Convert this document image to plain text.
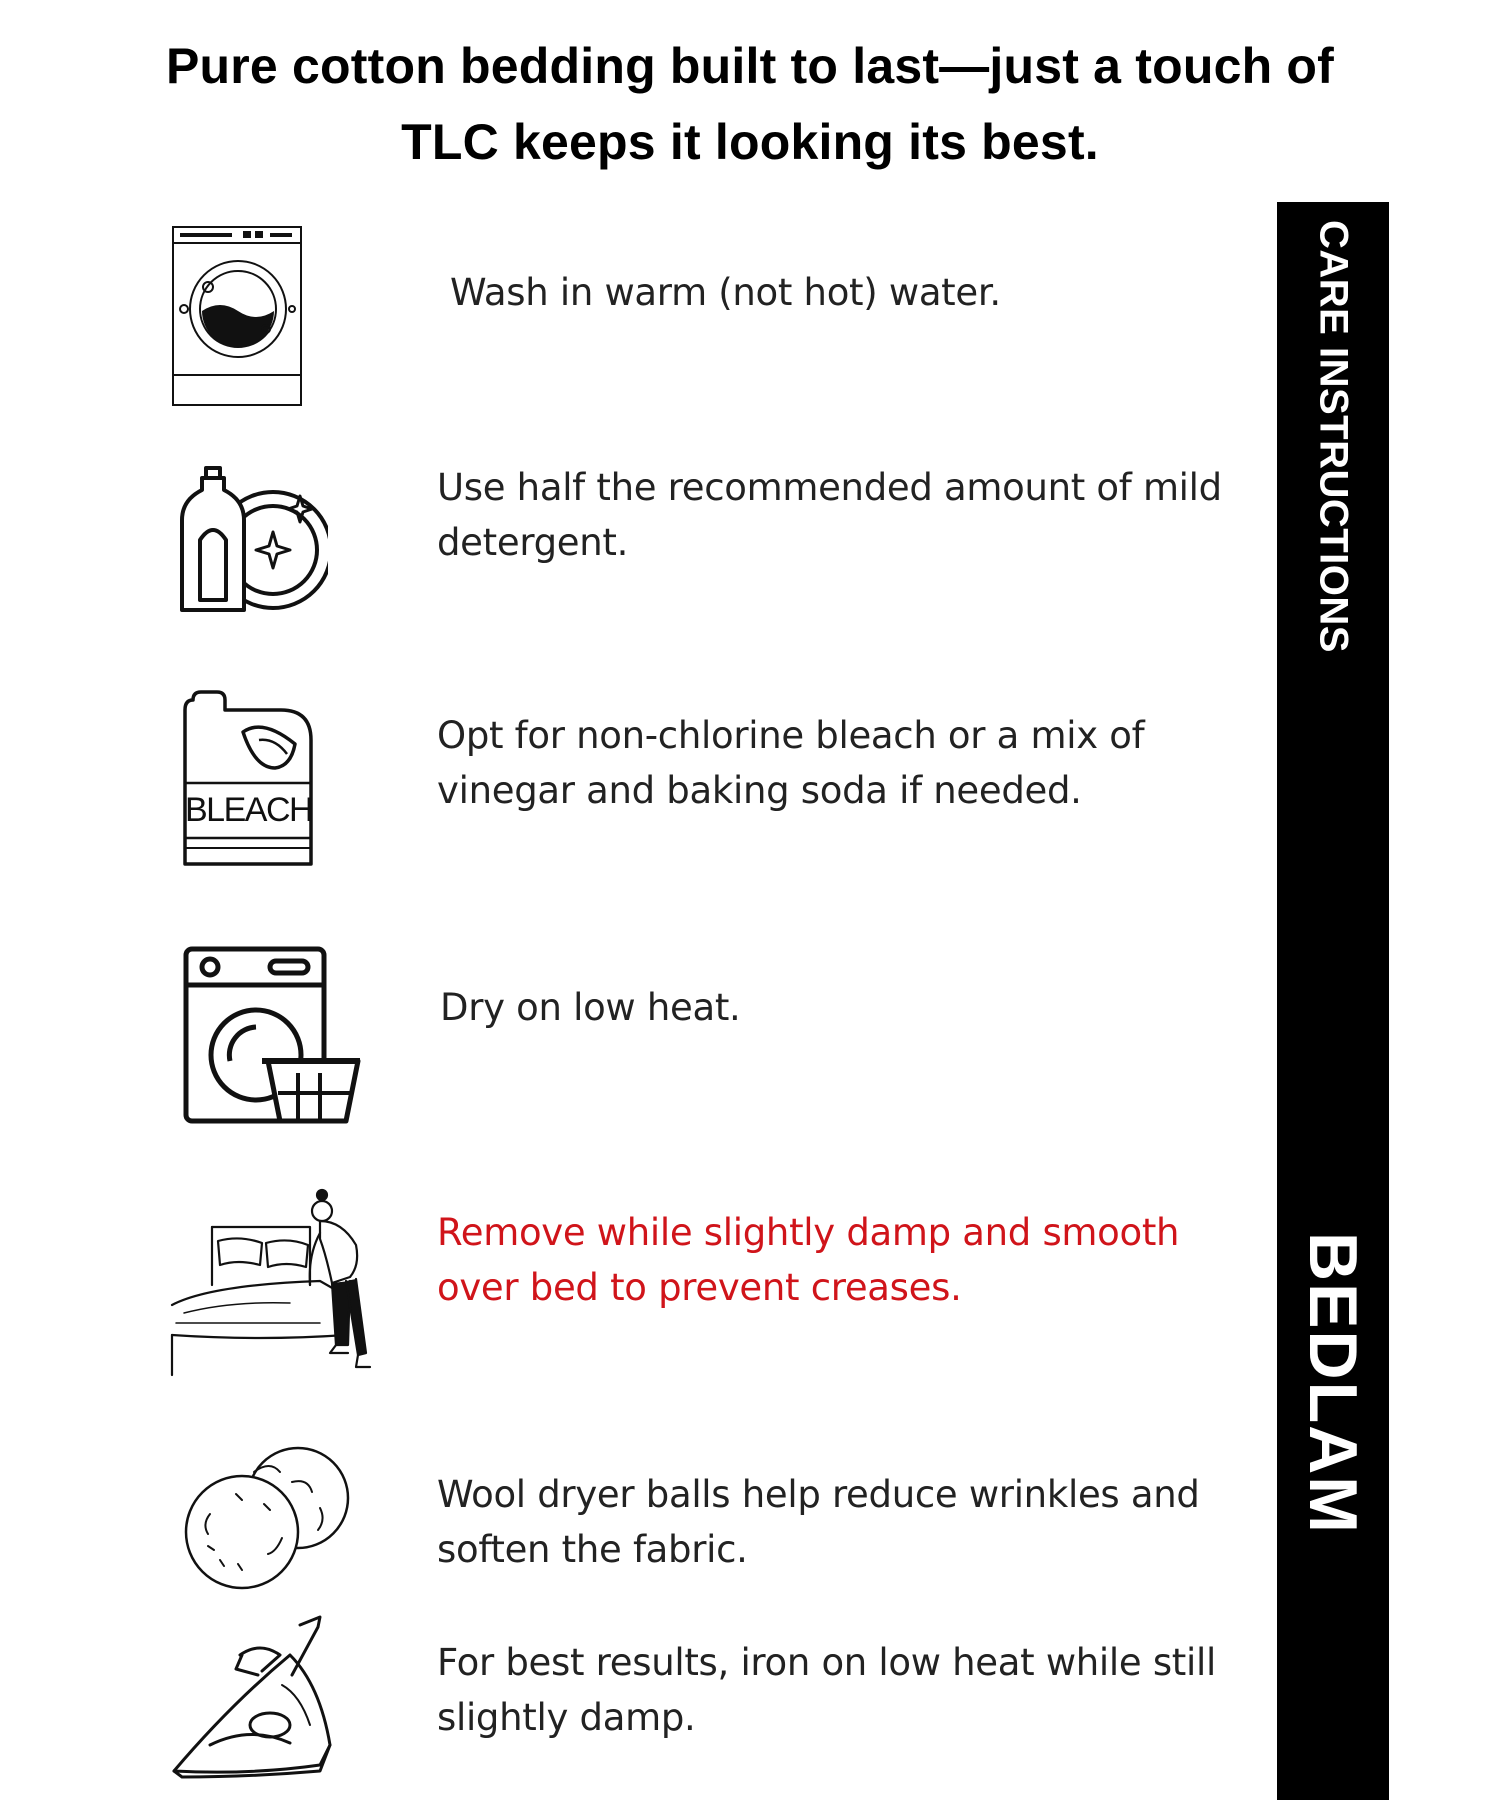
Pure cotton bedding built to last—just a touch of
TLC keeps it looking its best.
CARE INSTRUCTIONS
BEDLAM
Wash in warm (not hot) water.
Use half the recommended amount of mild detergent.
BLEACH
Opt for non-chlorine bleach or a mix of vinegar and baking soda if needed.
Dry on low heat.
Remove while slightly damp and smooth over bed to prevent creases.
Wool dryer balls help reduce wrinkles and soften the fabric.
For best results, iron on low heat while still slightly damp.
